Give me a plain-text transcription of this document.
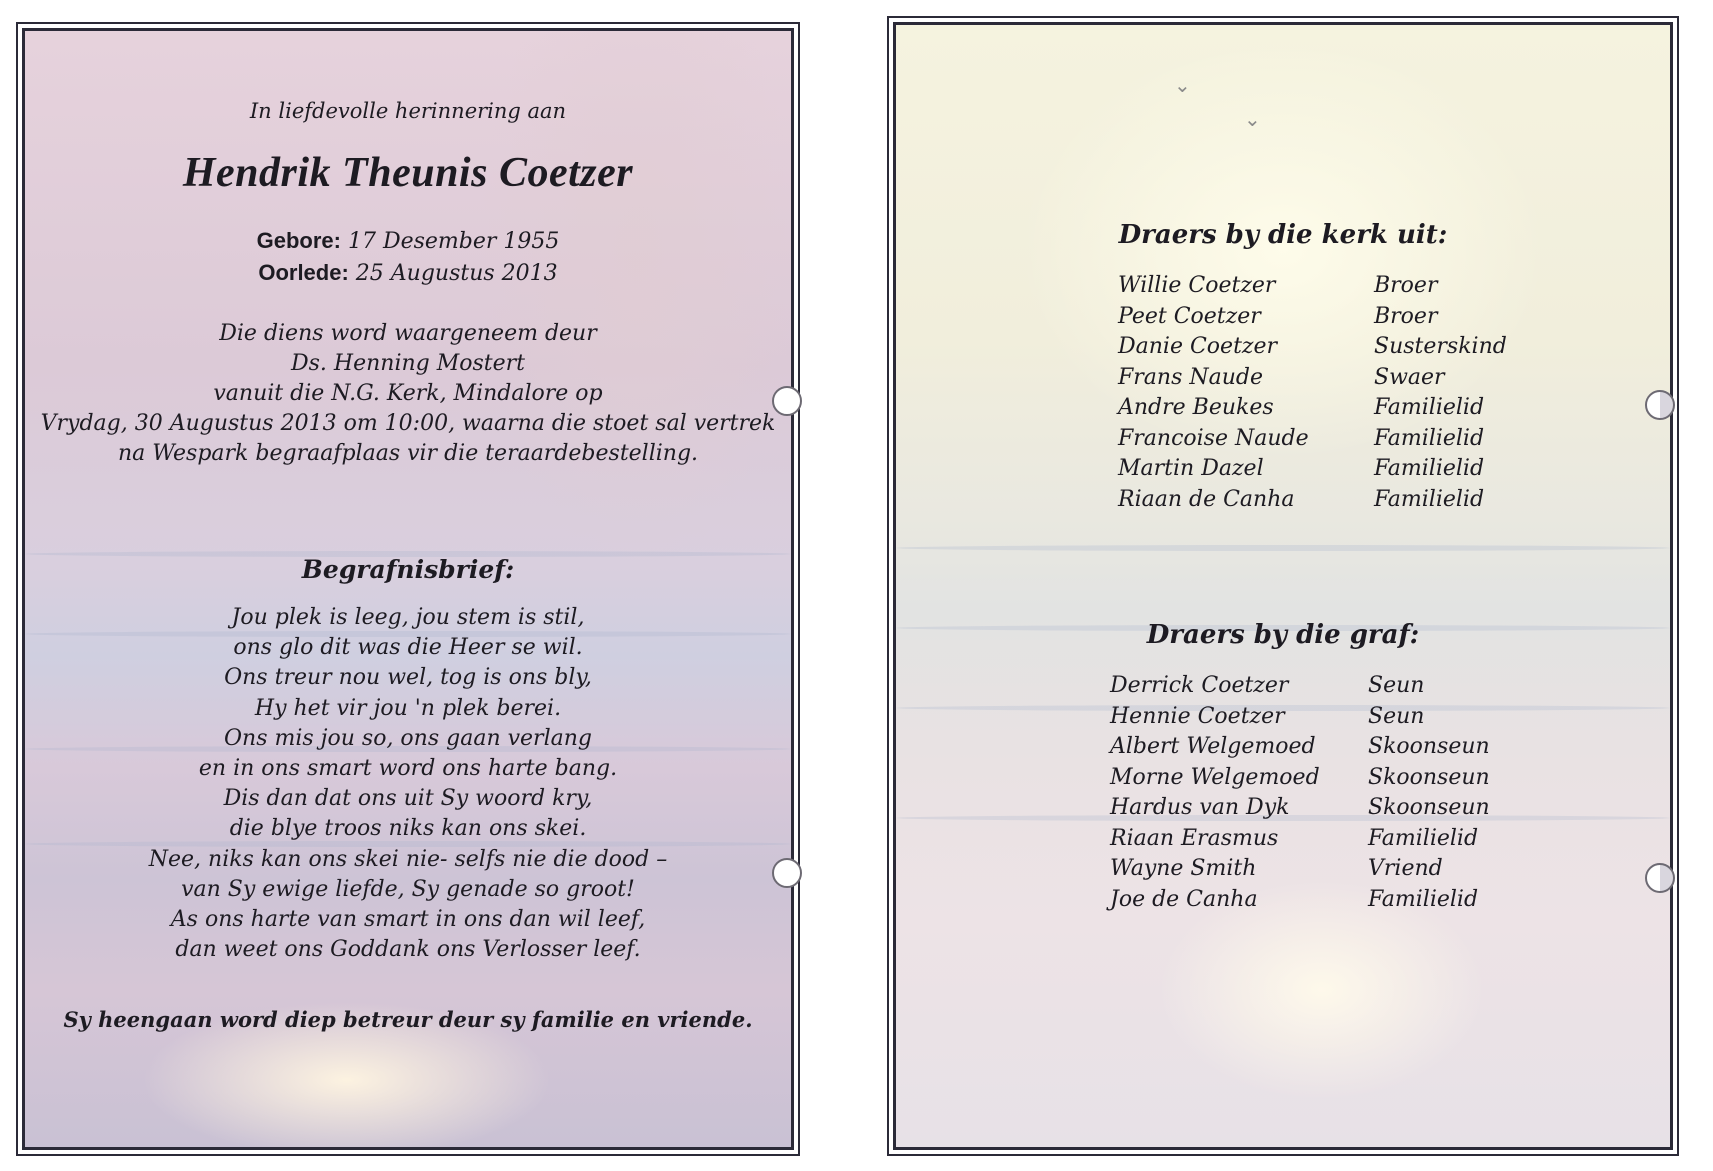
In liefdevolle herinnering aan
Hendrik Theunis Coetzer
Gebore: 17 Desember 1955
Oorlede: 25 Augustus 2013
Die diens word waargeneem deur
Ds. Henning Mostert
vanuit die N.G. Kerk, Mindalore op
Vrydag, 30 Augustus 2013 om 10:00, waarna die stoet sal vertrek
na Wespark begraafplaas vir die teraardebestelling.
Begrafnisbrief:
Jou plek is leeg, jou stem is stil,
ons glo dit was die Heer se wil.
Ons treur nou wel, tog is ons bly,
Hy het vir jou 'n plek berei.
Ons mis jou so, ons gaan verlang
en in ons smart word ons harte bang.
Dis dan dat ons uit Sy woord kry,
die blye troos niks kan ons skei.
Nee, niks kan ons skei nie- selfs nie die dood –
van Sy ewige liefde, Sy genade so groot!
As ons harte van smart in ons dan wil leef,
dan weet ons Goddank ons Verlosser leef.
Sy heengaan word diep betreur deur sy familie en vriende.
⌄
⌄
Draers by die kerk uit:
Willie Coetzer	Broer
Peet Coetzer	Broer
Danie Coetzer	Susterskind
Frans Naude	Swaer
Andre Beukes	Familielid
Francoise Naude	Familielid
Martin Dazel	Familielid
Riaan de Canha	Familielid
Draers by die graf:
Derrick Coetzer	Seun
Hennie Coetzer	Seun
Albert Welgemoed Skoonseun
Morne Welgemoed Skoonseun
Hardus van Dyk	Skoonseun
Riaan Erasmus	Familielid
Wayne Smith	Vriend
Joe de Canha	Familielid
